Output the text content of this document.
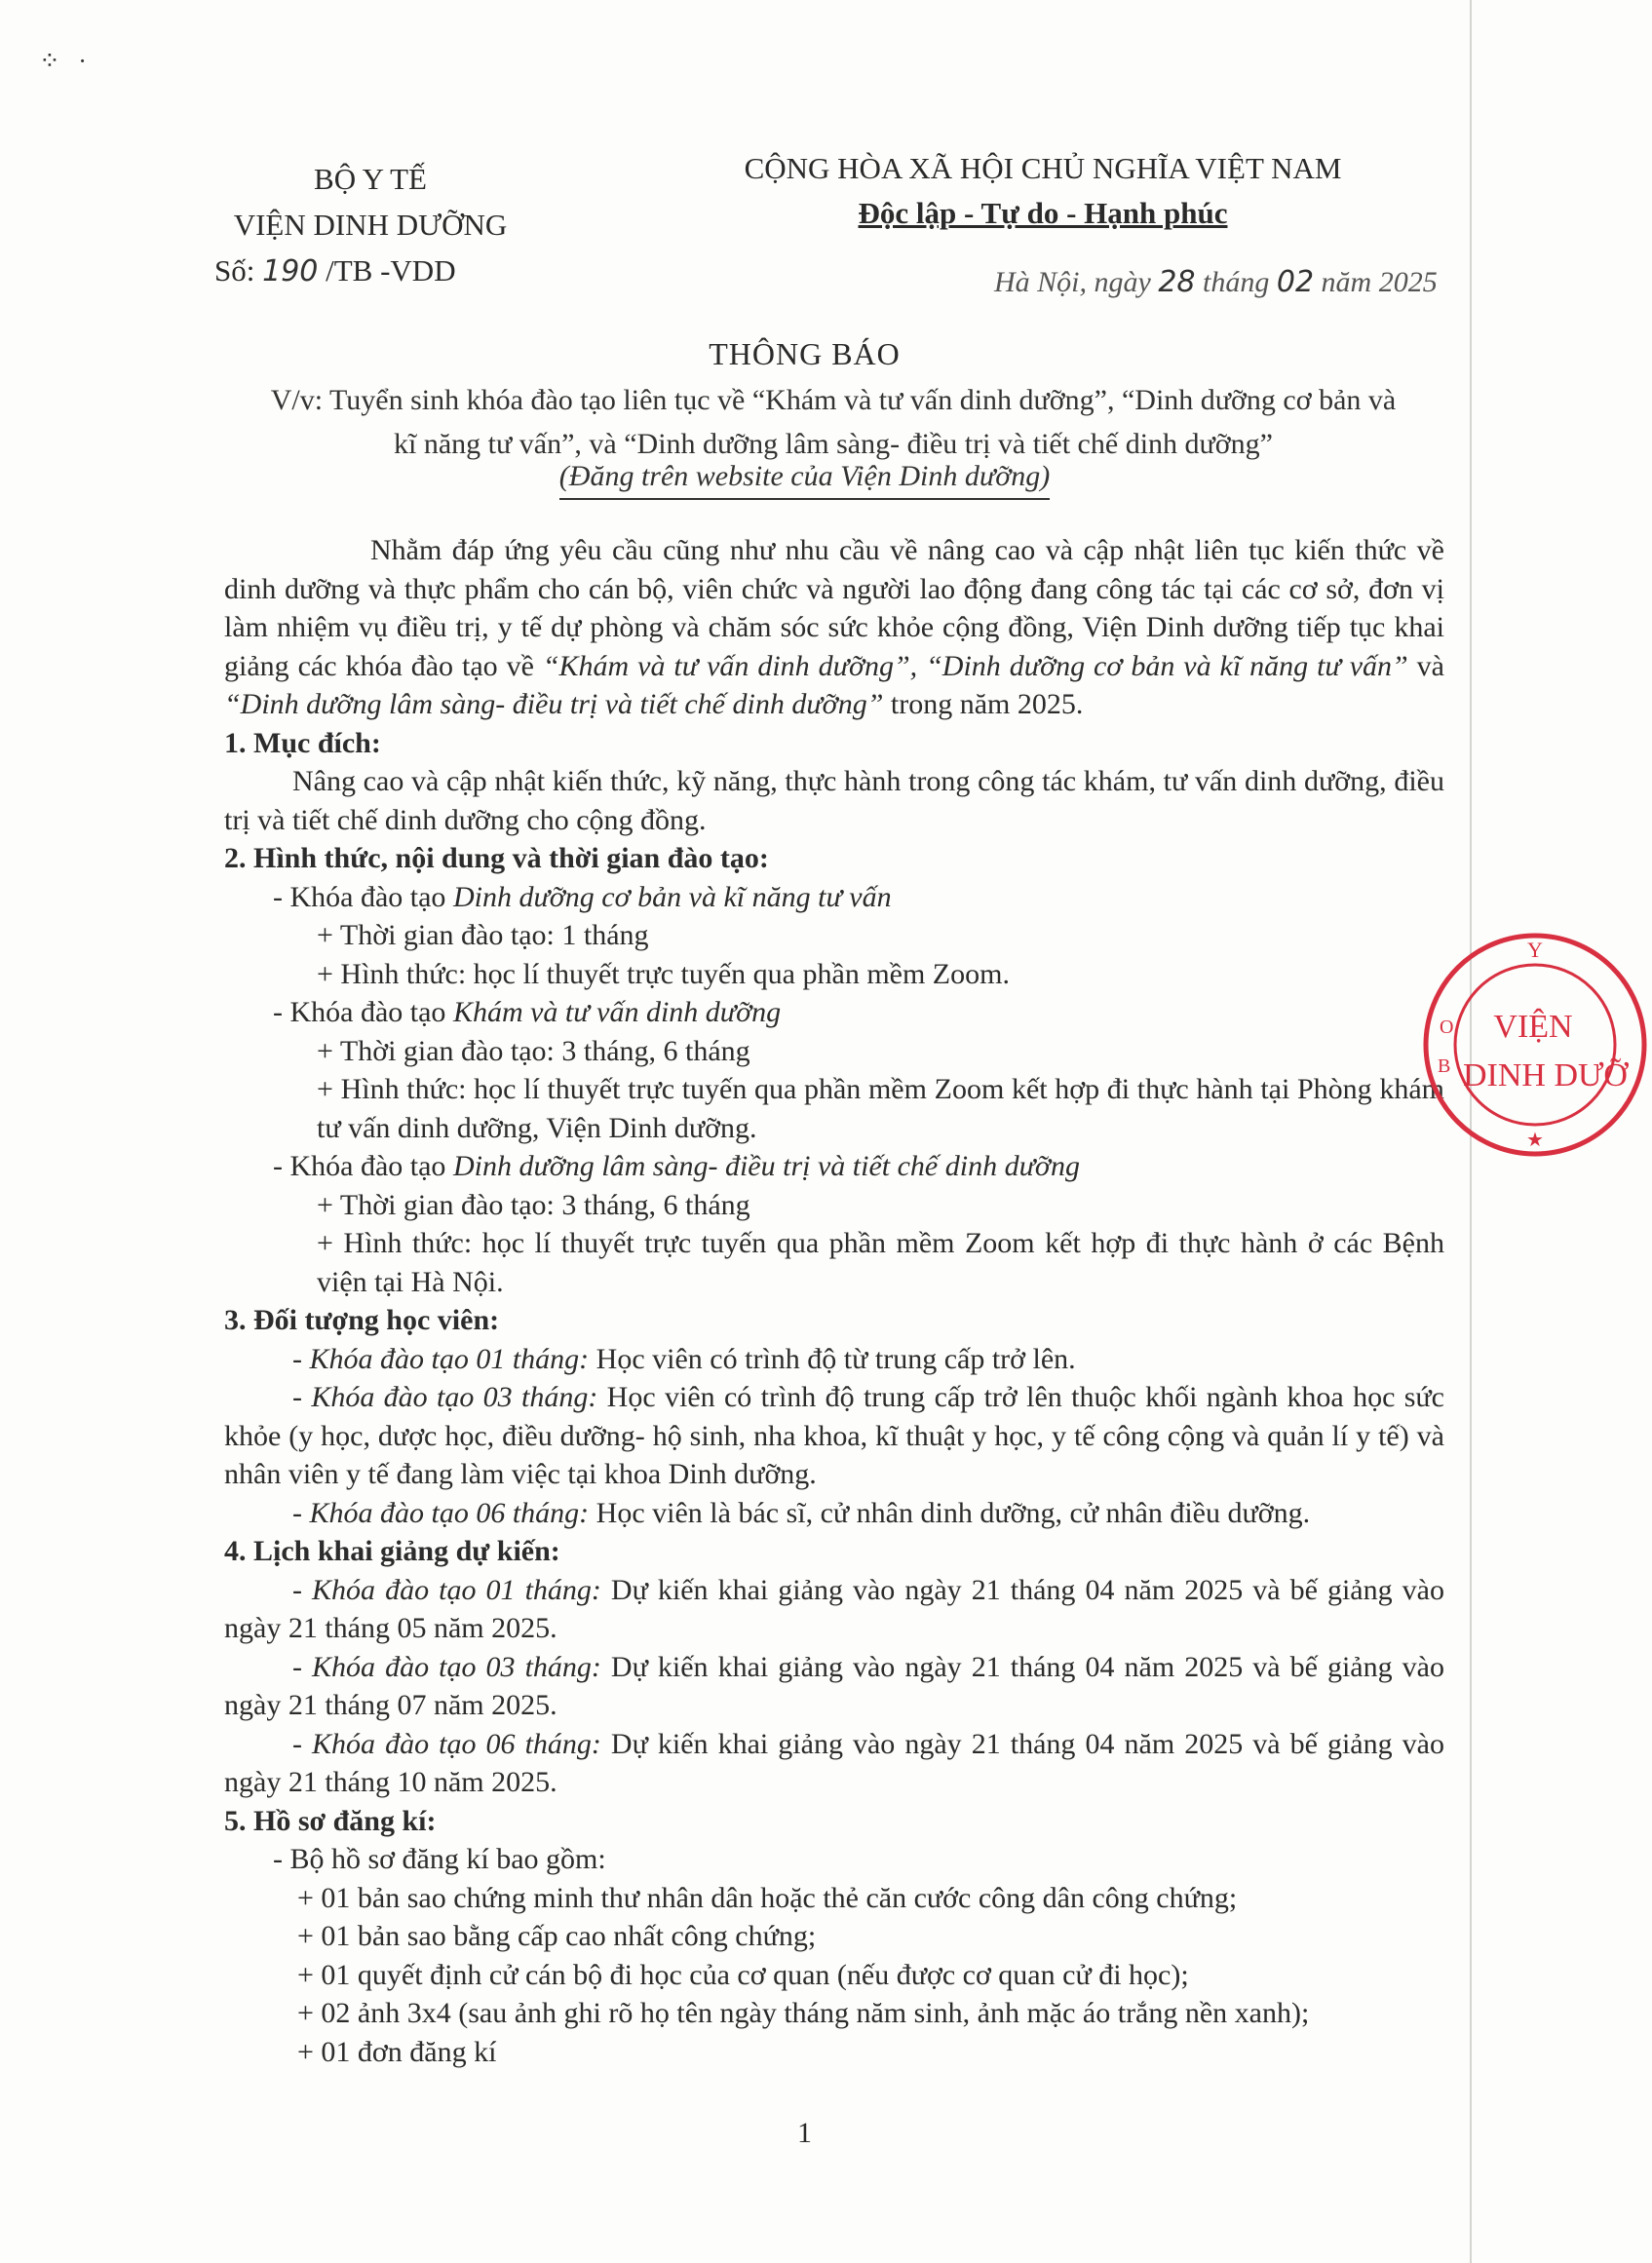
⁘ ·
BỘ Y TẾ
VIỆN DINH DƯỠNG
Số: 190 /TB -VDD
CỘNG HÒA XÃ HỘI CHỦ NGHĨA VIỆT NAM
Độc lập - Tự do - Hạnh phúc
Hà Nội, ngày 28 tháng 02 năm 2025
THÔNG BÁO
V/v: Tuyển sinh khóa đào tạo liên tục về “Khám và tư vấn dinh dưỡng”, “Dinh dưỡng cơ bản và
kĩ năng tư vấn”, và “Dinh dưỡng lâm sàng- điều trị và tiết chế dinh dưỡng”
(Đăng trên website của Viện Dinh dưỡng)

Nhằm đáp ứng yêu cầu cũng như nhu cầu về nâng cao và cập nhật liên tục kiến thức về dinh dưỡng và thực phẩm cho cán bộ, viên chức và người lao động đang công tác tại các cơ sở, đơn vị làm nhiệm vụ điều trị, y tế dự phòng và chăm sóc sức khỏe cộng đồng, Viện Dinh dưỡng tiếp tục khai giảng các khóa đào tạo về “Khám và tư vấn dinh dưỡng”, “Dinh dưỡng cơ bản và kĩ năng tư vấn” và “Dinh dưỡng lâm sàng- điều trị và tiết chế dinh dưỡng” trong năm 2025.

1. Mục đích:

Nâng cao và cập nhật kiến thức, kỹ năng, thực hành trong công tác khám, tư vấn dinh dưỡng, điều trị và tiết chế dinh dưỡng cho cộng đồng.

2. Hình thức, nội dung và thời gian đào tạo:

- Khóa đào tạo Dinh dưỡng cơ bản và kĩ năng tư vấn

+ Thời gian đào tạo: 1 tháng

+ Hình thức: học lí thuyết trực tuyến qua phần mềm Zoom.

- Khóa đào tạo Khám và tư vấn dinh dưỡng

+ Thời gian đào tạo: 3 tháng, 6 tháng

+ Hình thức: học lí thuyết trực tuyến qua phần mềm Zoom kết hợp đi thực hành tại Phòng khám tư vấn dinh dưỡng, Viện Dinh dưỡng.

- Khóa đào tạo Dinh dưỡng lâm sàng- điều trị và tiết chế dinh dưỡng

+ Thời gian đào tạo: 3 tháng, 6 tháng

+ Hình thức: học lí thuyết trực tuyến qua phần mềm Zoom kết hợp đi thực hành ở các Bệnh viện tại Hà Nội.

3. Đối tượng học viên:

- Khóa đào tạo 01 tháng: Học viên có trình độ từ trung cấp trở lên.

- Khóa đào tạo 03 tháng: Học viên có trình độ trung cấp trở lên thuộc khối ngành khoa học sức khỏe (y học, dược học, điều dưỡng- hộ sinh, nha khoa, kĩ thuật y học, y tế công cộng và quản lí y tế) và nhân viên y tế đang làm việc tại khoa Dinh dưỡng.

- Khóa đào tạo 06 tháng: Học viên là bác sĩ, cử nhân dinh dưỡng, cử nhân điều dưỡng.

4. Lịch khai giảng dự kiến:

- Khóa đào tạo 01 tháng: Dự kiến khai giảng vào ngày 21 tháng 04 năm 2025 và bế giảng vào ngày 21 tháng 05 năm 2025.

- Khóa đào tạo 03 tháng: Dự kiến khai giảng vào ngày 21 tháng 04 năm 2025 và bế giảng vào ngày 21 tháng 07 năm 2025.

- Khóa đào tạo 06 tháng: Dự kiến khai giảng vào ngày 21 tháng 04 năm 2025 và bế giảng vào ngày 21 tháng 10 năm 2025.

5. Hồ sơ đăng kí:

- Bộ hồ sơ đăng kí bao gồm:

+ 01 bản sao chứng minh thư nhân dân hoặc thẻ căn cước công dân công chứng;

+ 01 bản sao bằng cấp cao nhất công chứng;

+ 01 quyết định cử cán bộ đi học của cơ quan (nếu được cơ quan cử đi học);

+ 02 ảnh 3x4 (sau ảnh ghi rõ họ tên ngày tháng năm sinh, ảnh mặc áo trắng nền xanh);

+ 01 đơn đăng kí

1
Y
O
B
VIỆN
DINH DƯỠ
★
